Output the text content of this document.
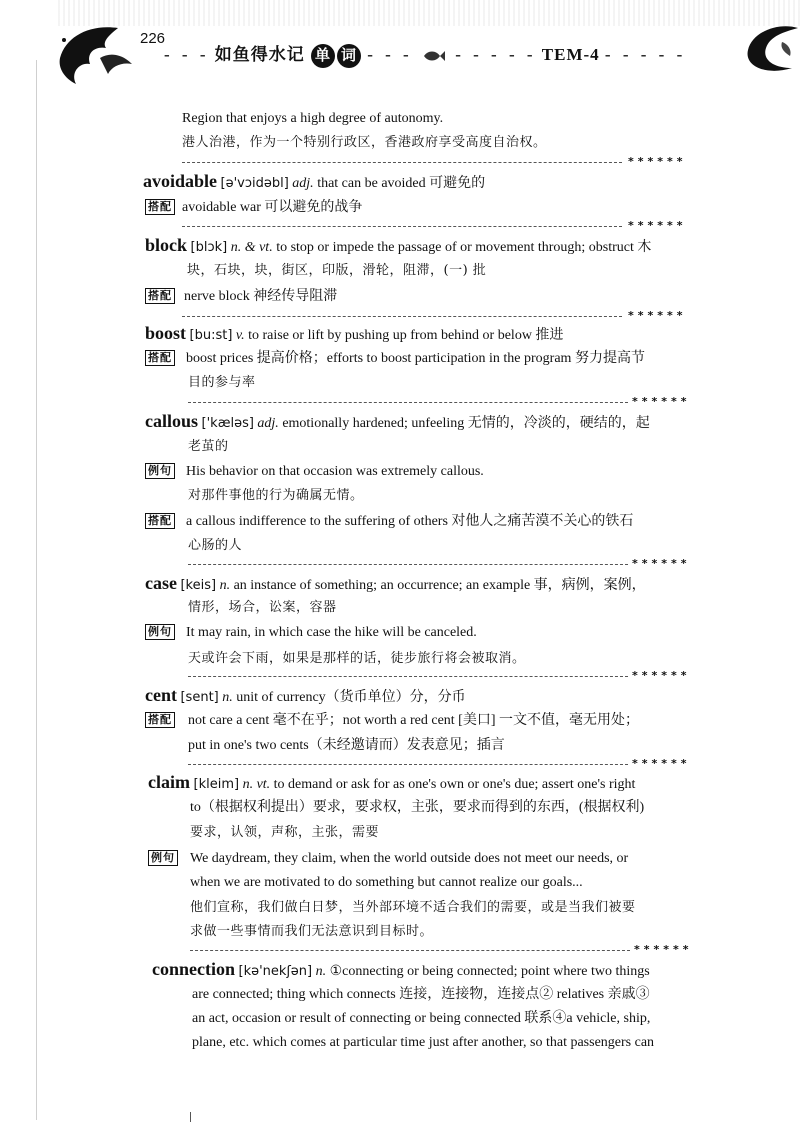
226
- - - 如鱼得水记 单 词 - - -	- - - - - TEM-4 - - - - -
Region that enjoys a high degree of autonomy.
港人治港，作为一个特别行政区，香港政府享受高度自治权。
******
avoidable [ə'vɔidəbl] adj. that can be avoided 可避免的
搭配 avoidable war 可以避免的战争
******
block [blɔk] n. & vt. to stop or impede the passage of or movement through; obstruct 木
块，石块，块，街区，印版，滑轮，阻滞，(一) 批
搭配 nerve block 神经传导阻滞
******
boost [bu:st] v. to raise or lift by pushing up from behind or below 推进
搭配 boost prices 提高价格；efforts to boost participation in the program 努力提高节
目的参与率
******
callous ['kæləs] adj. emotionally hardened; unfeeling 无情的，冷淡的，硬结的，起
老茧的
例句 His behavior on that occasion was extremely callous.
对那件事他的行为确属无情。
搭配 a callous indifference to the suffering of others 对他人之痛苦漠不关心的铁石
心肠的人
******
case [keis] n. an instance of something; an occurrence; an example 事，病例，案例，
情形，场合，讼案，容器
例句 It may rain, in which case the hike will be canceled.
天或许会下雨，如果是那样的话，徒步旅行将会被取消。
******
cent [sent] n. unit of currency（货币单位）分，分币
搭配 not care a cent 毫不在乎；not worth a red cent [美口] 一文不值，毫无用处；
put in one's two cents（未经邀请而）发表意见；插言
******
claim [kleim] n. vt. to demand or ask for as one's own or one's due; assert one's right
to（根据权利提出）要求，要求权，主张，要求而得到的东西，(根据权利)
要求，认领，声称，主张，需要
例句 We daydream, they claim, when the world outside does not meet our needs, or
when we are motivated to do something but cannot realize our goals...
他们宣称，我们做白日梦，当外部环境不适合我们的需要，或是当我们被要
求做一些事情而我们无法意识到目标时。
******
connection [kə'nekʃən] n. ①connecting or being connected; point where two things
are connected; thing which connects 连接，连接物，连接点② relatives 亲戚③
an act, occasion or result of connecting or being connected 联系④a vehicle, ship,
plane, etc. which comes at particular time just after another, so that passengers can
